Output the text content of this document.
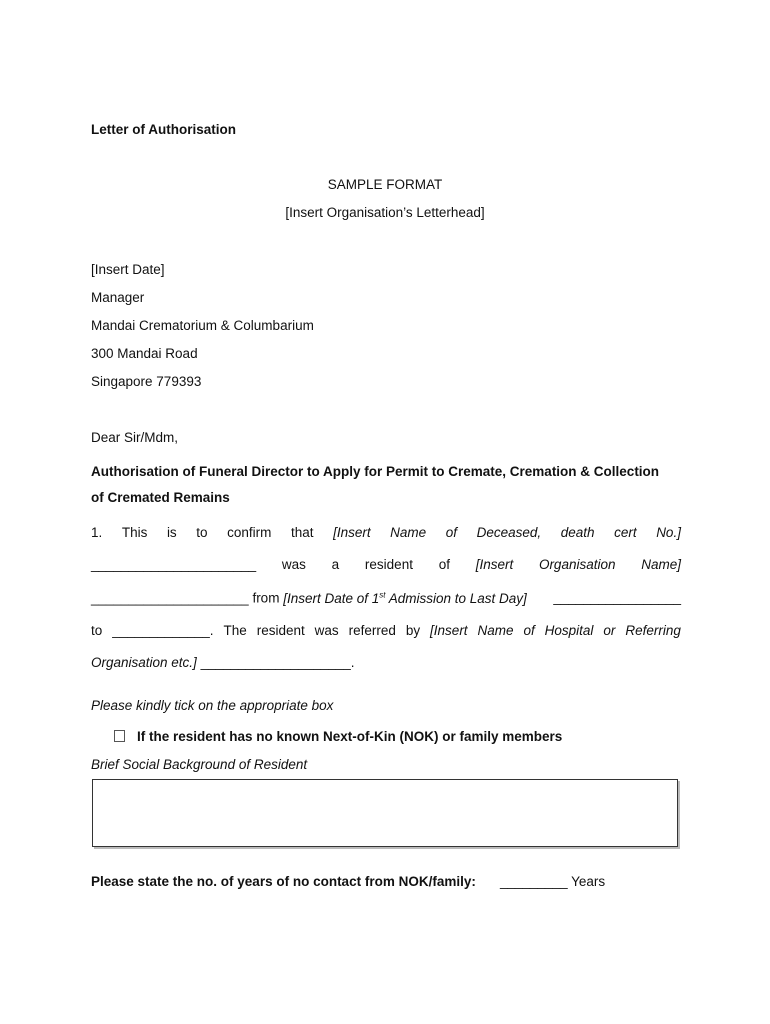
Letter of Authorisation
SAMPLE FORMAT
[Insert Organisation’s Letterhead]
[Insert Date]
Manager
Mandai Crematorium & Columbarium
300 Mandai Road
Singapore 779393
Dear Sir/Mdm,
Authorisation of Funeral Director to Apply for Permit to Cremate, Cremation & Collection
of Cremated Remains
1. This is to confirm that [Insert Name of Deceased, death cert No.]
______________________ was a resident of [Insert Organisation Name]
_____________________ from [Insert Date of 1st Admission to Last Day] _________________
to _____________. The resident was referred by [Insert Name of Hospital or Referring
Organisation etc.] ____________________.
Please kindly tick on the appropriate box
If the resident has no known Next-of-Kin (NOK) or family members
Brief Social Background of Resident
Please state the no. of years of no contact from NOK/family: _________ Years
